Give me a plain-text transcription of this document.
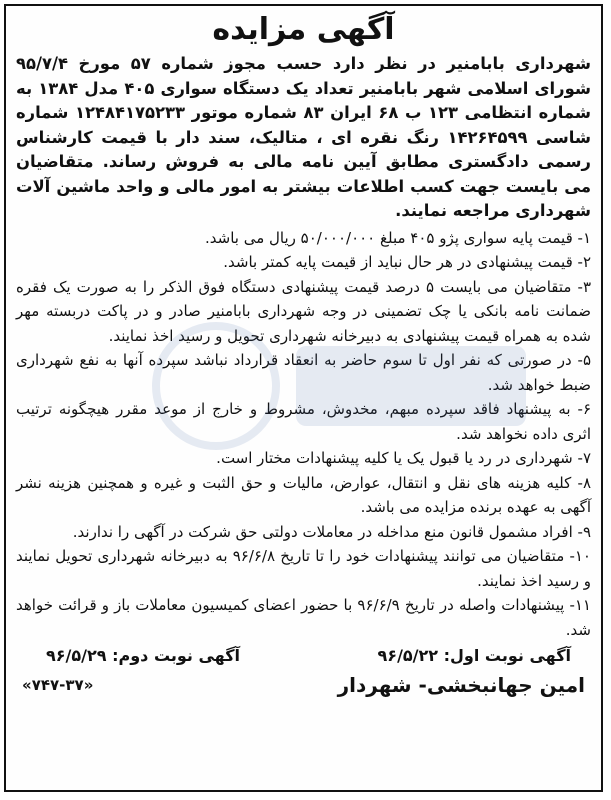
آگهی مزایده
شهرداری بابامنیر در نظر دارد حسب مجوز شماره ۵۷ مورخ ۹۵/۷/۴ شورای اسلامی شهر بابامنیر تعداد یک دستگاه سواری ۴۰۵ مدل ۱۳۸۴ به شماره انتظامی ۱۲۳ ب ۶۸ ایران ۸۳ شماره موتور ۱۲۴۸۴۱۷۵۲۳۳ شماره شاسی ۱۴۲۶۴۵۹۹ رنگ نقره ای ، متالیک، سند دار با قیمت کارشناس رسمی دادگستری مطابق آیین نامه مالی به فروش رساند. متقاضیان می بایست جهت کسب اطلاعات بیشتر به امور مالی و واحد ماشین آلات شهرداری مراجعه نمایند.

۱- قیمت پایه سواری پژو ۴۰۵ مبلغ ۵۰/۰۰۰/۰۰۰ ریال می باشد.

۲- قیمت پیشنهادی در هر حال نباید از قیمت پایه کمتر باشد.

۳- متقاضیان می بایست ۵ درصد قیمت پیشنهادی دستگاه فوق الذکر را به صورت یک فقره ضمانت نامه بانکی یا چک تضمینی در وجه شهرداری بابامنیر صادر و در پاکت دربسته مهر شده به همراه قیمت پیشنهادی به دبیرخانه شهرداری تحویل و رسید اخذ نمایند.

۵- در صورتی که نفر اول تا سوم حاضر به انعقاد قرارداد نباشد سپرده آنها به نفع شهرداری ضبط خواهد شد.

۶- به پیشنهاد فاقد سپرده مبهم، مخدوش، مشروط و خارج از موعد مقرر هیچگونه ترتیب اثری داده نخواهد شد.

۷- شهرداری در رد یا قبول یک یا کلیه پیشنهادات مختار است.

۸- کلیه هزینه های نقل و انتقال، عوارض، مالیات و حق الثبت و غیره و همچنین هزینه نشر آگهی به عهده برنده مزایده می باشد.

۹- افراد مشمول قانون منع مداخله در معاملات دولتی حق شرکت در آگهی را ندارند.

۱۰- متقاضیان می توانند پیشنهادات خود را تا تاریخ ۹۶/۶/۸ به دبیرخانه شهرداری تحویل نمایند و رسید اخذ نمایند.

۱۱- پیشنهادات واصله در تاریخ ۹۶/۶/۹ با حضور اعضای کمیسیون معاملات باز و قرائت خواهد شد.

آگهی نوبت اول: ۹۶/۵/۲۲
آگهی نوبت دوم: ۹۶/۵/۲۹
امین جهانبخشی- شهردار
«۷۴۷-۳۷»
